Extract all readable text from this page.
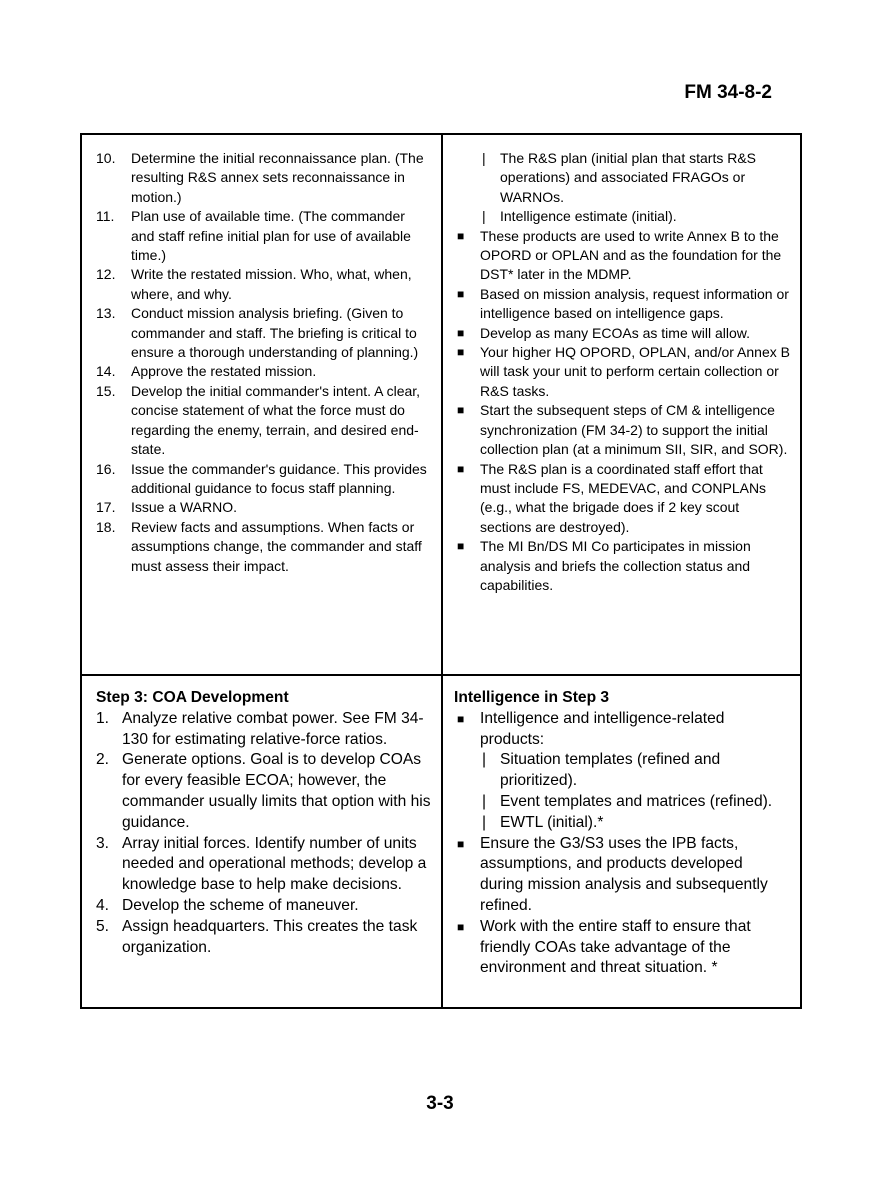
FM 34-8-2
10.	Determine the initial reconnaissance plan. (The resulting R&S annex sets reconnaissance in motion.)
11.	Plan use of available time. (The commander and staff refine initial plan for use of available time.)
12.	Write the restated mission. Who, what, when, where, and why.
13.	Conduct mission analysis briefing. (Given to commander and staff. The briefing is critical to ensure a thorough understanding of planning.)
14.	Approve the restated mission.
15.	Develop the initial commander's intent. A clear, concise statement of what the force must do regarding the enemy, terrain, and desired end-state.
16.	Issue the commander's guidance. This provides additional guidance to focus staff planning.
17.	Issue a WARNO.
18.	Review facts and assumptions. When facts or assumptions change, the commander and staff must assess their impact.
|	The R&S plan (initial plan that starts R&S operations) and associated FRAGOs or WARNOs.
|	Intelligence estimate (initial).
■	These products are used to write Annex B to the OPORD or OPLAN and as the foundation for the DST* later in the MDMP.
■	Based on mission analysis, request information or intelligence based on intelligence gaps.
■	Develop as many ECOAs as time will allow.
■	Your higher HQ OPORD, OPLAN, and/or Annex B will task your unit to perform certain collection or R&S tasks.
■	Start the subsequent steps of CM & intelligence synchronization (FM 34-2) to support the initial collection plan (at a minimum SII, SIR, and SOR).
■	The R&S plan is a coordinated staff effort that must include FS, MEDEVAC, and CONPLANs (e.g., what the brigade does if 2 key scout sections are destroyed).
■	The MI Bn/DS MI Co participates in mission analysis and briefs the collection status and capabilities.
Step 3: COA Development
1. Analyze relative combat power. See FM 34-130 for estimating relative-force ratios.
2. Generate options. Goal is to develop COAs for every feasible ECOA; however, the commander usually limits that option with his guidance.
3. Array initial forces. Identify number of units needed and operational methods; develop a knowledge base to help make decisions.
4. Develop the scheme of maneuver.
5. Assign headquarters. This creates the task organization.
Intelligence in Step 3
■	Intelligence and intelligence-related products:
| Situation templates (refined and prioritized).
| Event templates and matrices (refined).
| EWTL (initial).*
■	Ensure the G3/S3 uses the IPB facts, assumptions, and products developed during mission analysis and subsequently refined.
■	Work with the entire staff to ensure that friendly COAs take advantage of the environment and threat situation. *
3-3
